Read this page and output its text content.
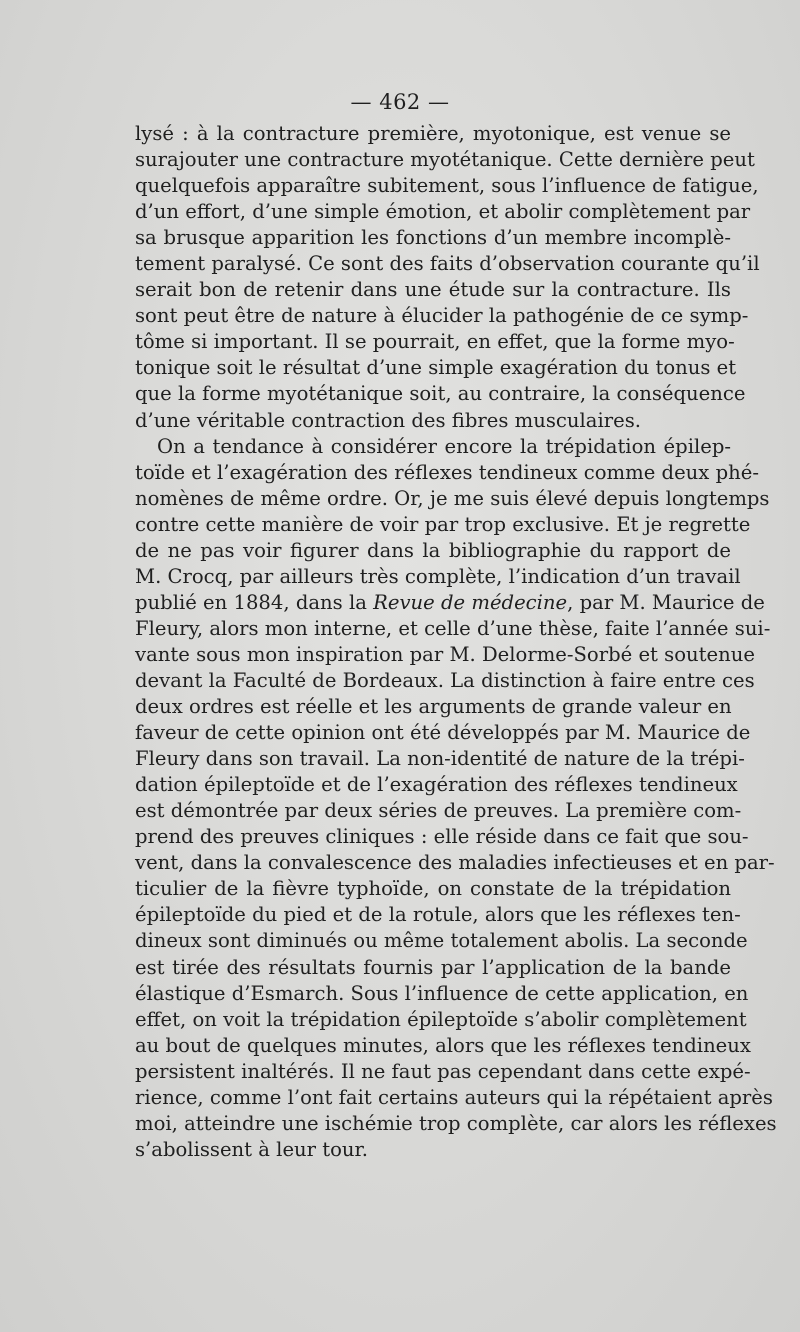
— 462 —
lysé : à la contracture première, myotonique, est venue se
surajouter une contracture myotétanique. Cette dernière peut
quelquefois apparaître subitement, sous l’influence de fatigue,
d’un effort, d’une simple émotion, et abolir complètement par
sa brusque apparition les fonctions d’un membre incomplè-
tement paralysé. Ce sont des faits d’observation courante qu’il
serait bon de retenir dans une étude sur la contracture. Ils
sont peut être de nature à élucider la pathogénie de ce symp-
tôme si important. Il se pourrait, en effet, que la forme myo-
tonique soit le résultat d’une simple exagération du tonus et
que la forme myotétanique soit, au contraire, la conséquence
d’une véritable contraction des fibres musculaires.
On a tendance à considérer encore la trépidation épilep-
toïde et l’exagération des réflexes tendineux comme deux phé-
nomènes de même ordre. Or, je me suis élevé depuis longtemps
contre cette manière de voir par trop exclusive. Et je regrette
de ne pas voir figurer dans la bibliographie du rapport de
M. Crocq, par ailleurs très complète, l’indication d’un travail
publié en 1884, dans la Revue de médecine, par M. Maurice de
Fleury, alors mon interne, et celle d’une thèse, faite l’année sui-
vante sous mon inspiration par M. Delorme-Sorbé et soutenue
devant la Faculté de Bordeaux. La distinction à faire entre ces
deux ordres est réelle et les arguments de grande valeur en
faveur de cette opinion ont été développés par M. Maurice de
Fleury dans son travail. La non-identité de nature de la trépi-
dation épileptoïde et de l’exagération des réflexes tendineux
est démontrée par deux séries de preuves. La première com-
prend des preuves cliniques : elle réside dans ce fait que sou-
vent, dans la convalescence des maladies infectieuses et en par-
ticulier de la fièvre typhoïde, on constate de la trépidation
épileptoïde du pied et de la rotule, alors que les réflexes ten-
dineux sont diminués ou même totalement abolis. La seconde
est tirée des résultats fournis par l’application de la bande
élastique d’Esmarch. Sous l’influence de cette application, en
effet, on voit la trépidation épileptoïde s’abolir complètement
au bout de quelques minutes, alors que les réflexes tendineux
persistent inaltérés. Il ne faut pas cependant dans cette expé-
rience, comme l’ont fait certains auteurs qui la répétaient après
moi, atteindre une ischémie trop complète, car alors les réflexes
s’abolissent à leur tour.
